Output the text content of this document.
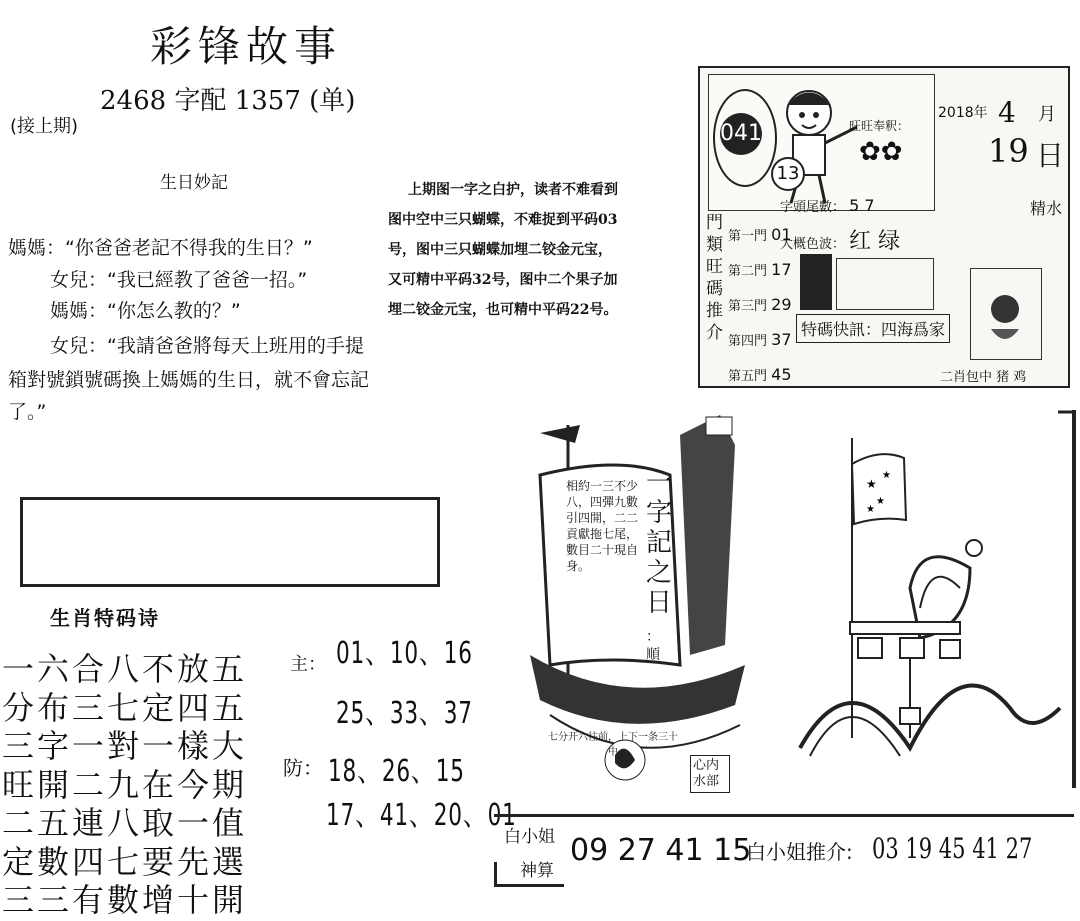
彩锋故事
2468 字配 1357 (单)
(接上期)
生日妙記
媽媽：“你爸爸老記不得我的生日？”
女兒：“我已經教了爸爸一招。”
媽媽：“你怎么教的？”
女兒：“我請爸爸將每天上班用的手提
箱對號鎖號碼換上媽媽的生日，就不會忘記
了。”
上期图一字之白护，读者不难看到
图中空中三只蝴蝶，不难捉到平码03
号，图中三只蝴蝶加埋二铰金元宝，
又可精中平码32号，图中二个果子加
埋二铰金元宝，也可精中平码22号。
生肖特码诗
一六合八不放五
分布三七定四五
三字一對一樣大
旺開二九在今期
二五連八取一值
定數四七要先選
三三有數增十開
主： 01、10、16
25、33、37
防： 18、26、15
17、41、20、01
041
13
旺旺奉釈：
✿✿
2018年 4 月
19 日
字頭尾數： 5 7
大概色波： 红 绿
門類旺碼推介
第一門 01
第二門 17
第三門 29
第四門 37
第五門 45
特碼快訊：四海爲家
精水
二肖包中 猪 鸡
一字記之日
：順
相約一三不少八，四彈九數引四開，二二貢獻拖七尾，數目二十現自身。
七分开六往前，上下一条三十中
心内水部
★
★
★
★
白小姐
神算
09 27 41 15
白小姐推介: 03 19 45 41 27
